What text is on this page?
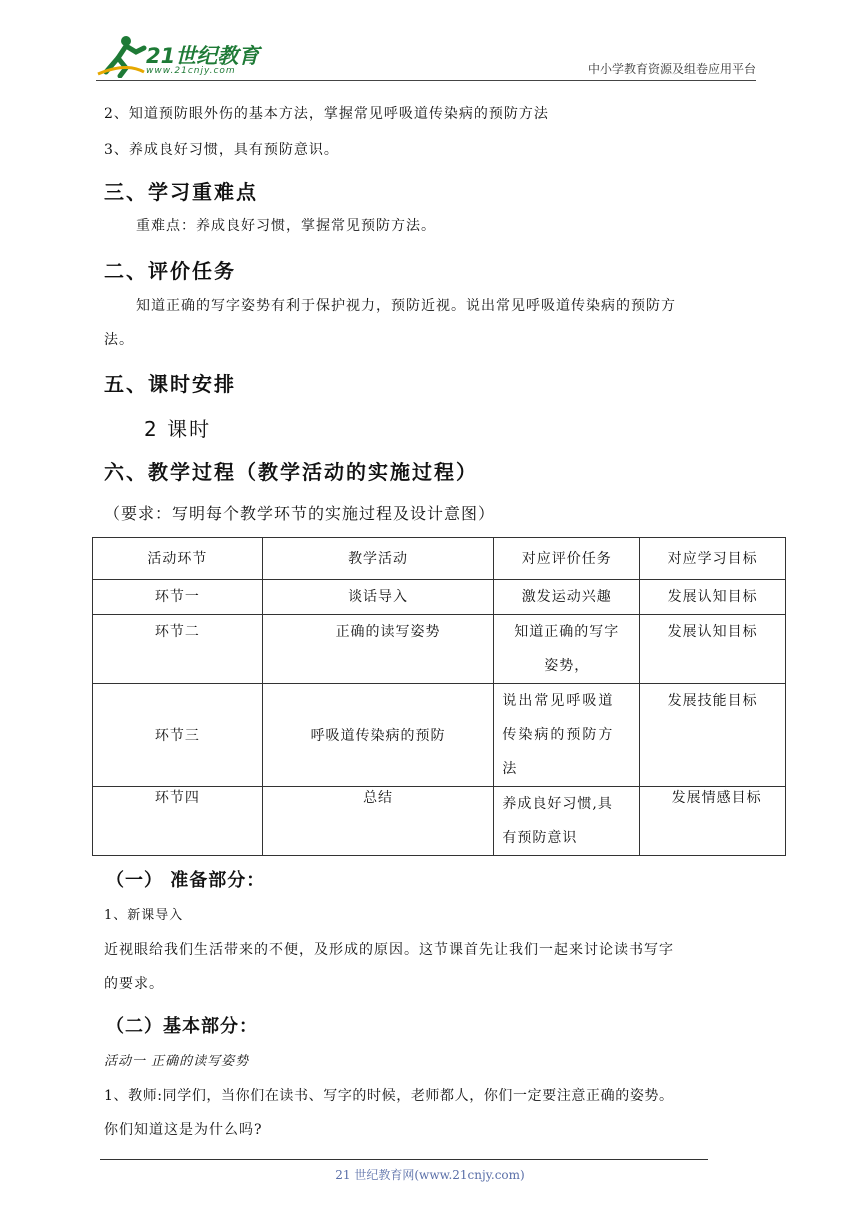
21世纪教育
www.21cnjy.com	中小学教育资源及组卷应用平台
2、知道预防眼外伤的基本方法，掌握常见呼吸道传染病的预防方法
3、养成良好习惯，具有预防意识。
三、学习重难点
重难点：养成良好习惯，掌握常见预防方法。
二、评价任务
知道正确的写字姿势有利于保护视力，预防近视。说出常见呼吸道传染病的预防方
法。
五、课时安排
2 课时
六、教学过程（教学活动的实施过程）
（要求：写明每个教学环节的实施过程及设计意图）
活动环节	教学活动	对应评价任务	对应学习目标

环节一	谈话导入	激发运动兴趣	发展认知目标

环节二	正确的读写姿势	知道正确的写字
姿势，	发展认知目标

环节三	呼吸道传染病的预防	说出常见呼吸道
传染病的预防方
法	发展技能目标

环节四	总结	养成良好习惯,具
有预防意识	发展情感目标
（一） 准备部分：
1、新课导入
近视眼给我们生活带来的不便，及形成的原因。这节课首先让我们一起来讨论读书写字
的要求。
（二）基本部分：
活动一 正确的读写姿势
1、教师:同学们，当你们在读书、写字的时候，老师都人，你们一定要注意正确的姿势。
你们知道这是为什么吗?
21 世纪教育网(www.21cnjy.com)
